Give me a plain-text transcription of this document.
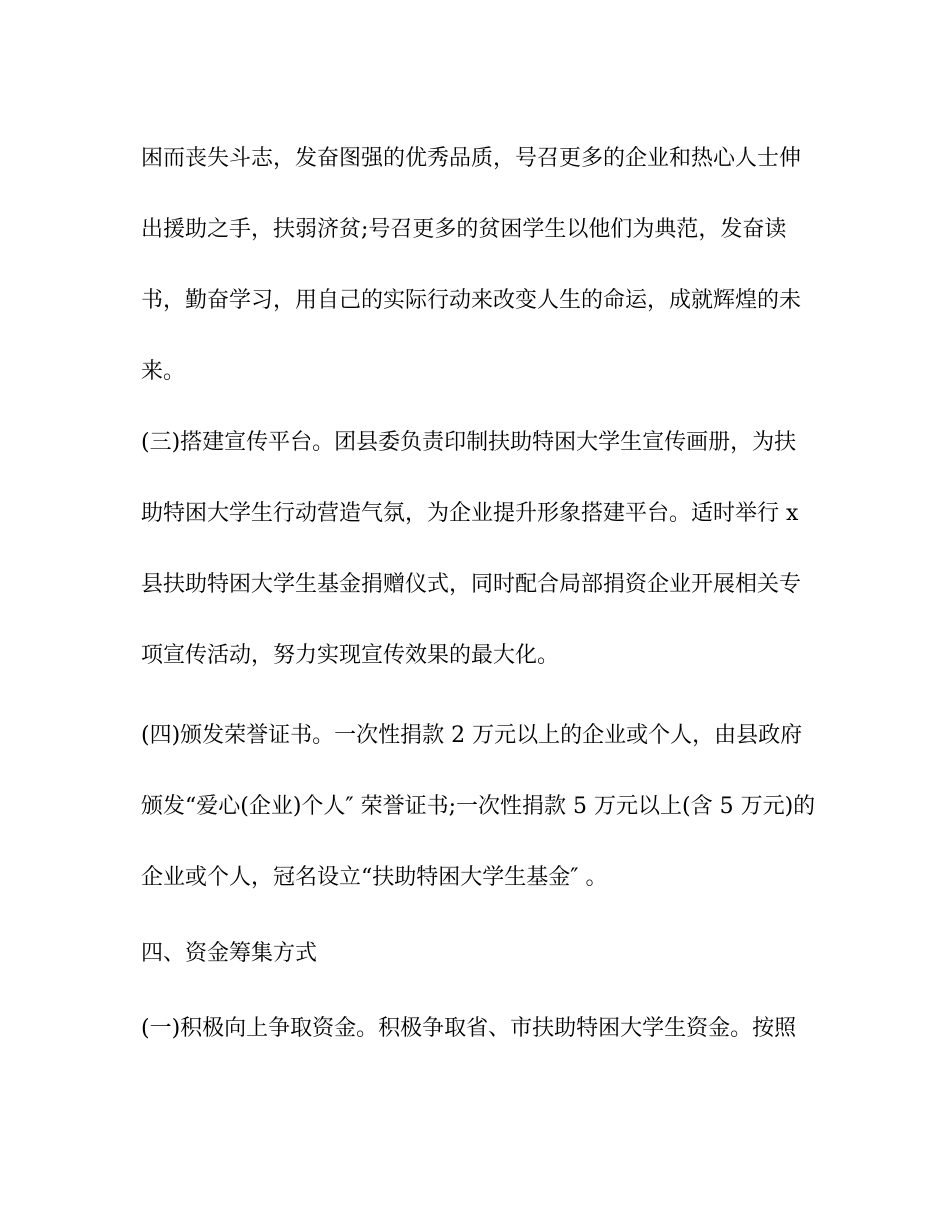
困而丧失斗志，发奋图强的优秀品质，号召更多的企业和热心人士伸
出援助之手，扶弱济贫;号召更多的贫困学生以他们为典范，发奋读
书，勤奋学习，用自己的实际行动来改变人生的命运，成就辉煌的未
来。
(三)搭建宣传平台。团县委负责印制扶助特困大学生宣传画册，为扶
助特困大学生行动营造气氛，为企业提升形象搭建平台。适时举行 x
县扶助特困大学生基金捐赠仪式，同时配合局部捐资企业开展相关专
项宣传活动，努力实现宣传效果的最大化。
(四)颁发荣誉证书。一次性捐款 2 万元以上的企业或个人，由县政府
颁发“爱心(企业)个人″ 荣誉证书;一次性捐款 5 万元以上(含 5 万元)的
企业或个人，冠名设立“扶助特困大学生基金″ 。
四、资金筹集方式
(一)积极向上争取资金。积极争取省、市扶助特困大学生资金。按照
